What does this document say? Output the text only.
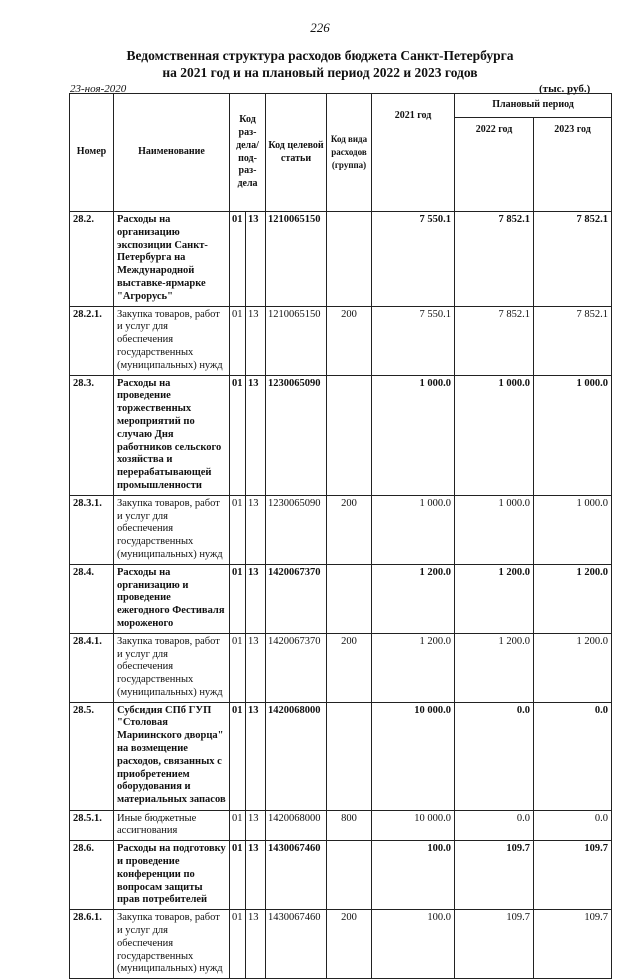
226
Ведомственная структура расходов бюджета Санкт-Петербурга
на 2021 год и на плановый период 2022 и 2023 годов
23-ноя-2020	(тыс. руб.)
Номер	Наименование	Код раз-дела/ под-раз-дела		Код целевой статьи	Код вида расходов (группа)	2021 год	Плановый период	
							2022 год	2023 год
28.2.	Расходы на организацию экспозиции Санкт-Петербурга на Международной выставке-ярмарке "Агрорусь"	01	13	1210065150		7 550.1	7 852.1	7 852.1
28.2.1.	Закупка товаров, работ и услуг для обеспечения государственных (муниципальных) нужд	01	13	1210065150	200	7 550.1	7 852.1	7 852.1
28.3.	Расходы на проведение торжественных мероприятий по случаю Дня работников сельского хозяйства и перерабатывающей промышленности	01	13	1230065090		1 000.0	1 000.0	1 000.0
28.3.1.	Закупка товаров, работ и услуг для обеспечения государственных (муниципальных) нужд	01	13	1230065090	200	1 000.0	1 000.0	1 000.0
28.4.	Расходы на организацию и проведение ежегодного Фестиваля мороженого	01	13	1420067370		1 200.0	1 200.0	1 200.0
28.4.1.	Закупка товаров, работ и услуг для обеспечения государственных (муниципальных) нужд	01	13	1420067370	200	1 200.0	1 200.0	1 200.0
28.5.	Субсидия СПб ГУП "Столовая Мариинского дворца" на возмещение расходов, связанных с приобретением оборудования и материальных запасов	01	13	1420068000		10 000.0	0.0	0.0
28.5.1.	Иные бюджетные ассигнования	01	13	1420068000	800	10 000.0	0.0	0.0
28.6.	Расходы на подготовку и проведение конференции по вопросам защиты прав потребителей	01	13	1430067460		100.0	109.7	109.7
28.6.1.	Закупка товаров, работ и услуг для обеспечения государственных (муниципальных) нужд	01	13	1430067460	200	100.0	109.7	109.7
